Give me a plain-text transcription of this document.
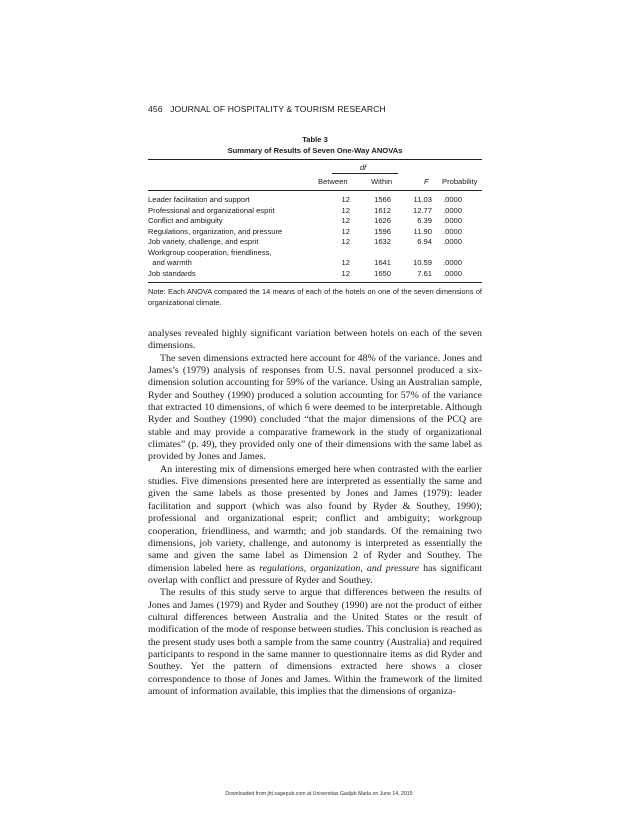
456 JOURNAL OF HOSPITALITY & TOURISM RESEARCH
Table 3
Summary of Results of Seven One-Way ANOVAs
df
Between	Within	F Probability
Leader facilitation and support	12	1566	11.03 .0000
Professional and organizational esprit	12	1612	12.77 .0000
Conflict and ambiguity	12	1626	6.39 .0000
Regulations, organization, and pressure	12	1596	11.90 .0000
Job variety, challenge, and esprit	12	1632	6.94 .0000
Workgroup cooperation, friendliness,
and warmth	12	1641	10.59 .0000
Job standards	12	1650	7.61 .0000
Note: Each ANOVA compared the 14 means of each of the hotels on one of the seven dimensions of organizational climate.

analyses revealed highly significant variation between hotels on each of the seven dimensions.

The seven dimensions extracted here account for 48% of the variance. Jones and James’s (1979) analysis of responses from U.S. naval personnel produced a six-dimension solution accounting for 59% of the variance. Using an Australian sample, Ryder and Southey (1990) produced a solution accounting for 57% of the variance that extracted 10 dimensions, of which 6 were deemed to be interpretable. Although Ryder and Southey (1990) concluded “that the major dimensions of the PCQ are stable and may provide a comparative framework in the study of organizational climates” (p. 49), they provided only one of their dimensions with the same label as provided by Jones and James.

An interesting mix of dimensions emerged here when contrasted with the earlier studies. Five dimensions presented here are interpreted as essentially the same and given the same labels as those presented by Jones and James (1979): leader facilitation and support (which was also found by Ryder & Southey, 1990); professional and organizational esprit; conflict and ambiguity; workgroup cooperation, friendliness, and warmth; and job standards. Of the remaining two dimensions, job variety, challenge, and autonomy is interpreted as essentially the same and given the same label as Dimension 2 of Ryder and Southey. The dimension labeled here as regulations, organization, and pressure has significant overlap with conflict and pressure of Ryder and Southey.

The results of this study serve to argue that differences between the results of Jones and James (1979) and Ryder and Southey (1990) are not the product of either cultural differences between Australia and the United States or the result of modification of the mode of response between studies. This conclusion is reached as the present study uses both a sample from the same country (Australia) and required participants to respond in the same manner to questionnaire items as did Ryder and Southey. Yet the pattern of dimensions extracted here shows a closer correspondence to those of Jones and James. Within the framework of the limited amount of information available, this implies that the dimensions of organiza-

Downloaded from jht.sagepub.com at Universitas Gadjah Mada on June 14, 2015
